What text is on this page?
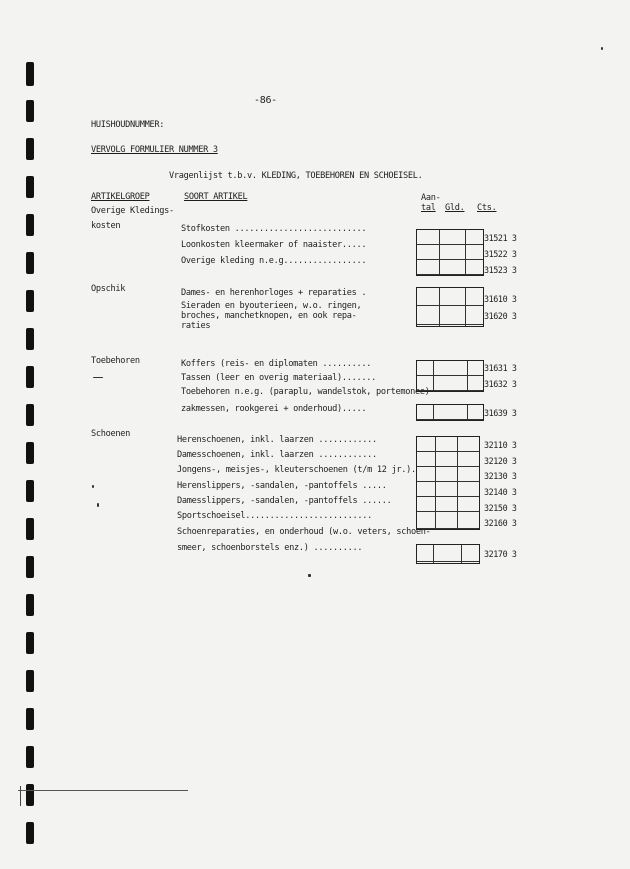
-86-
HUISHOUDNUMMER:
VERVOLG FORMULIER NUMMER 3
Vragenlijst t.b.v. KLEDING, TOEBEHOREN EN SCHOEISEL.
ARTIKELGROEP	SOORT ARTIKEL	Aan-
tal Gld. Cts.
Overige Kledings-
kosten
Opschik
Toebehoren
Schoenen
Stofkosten ...........................
Loonkosten kleermaker of naaister.....
Overige kleding n.e.g.................
Dames- en herenhorloges + reparaties .
Sieraden en byouterieen, w.o. ringen,
broches, manchetknopen, en ook repa-
raties
Koffers (reis- en diplomaten ..........
Tassen (leer en overig materiaal).......
Toebehoren n.e.g. (paraplu, wandelstok, portemonee)
zakmessen, rookgerei + onderhoud).....
Herenschoenen, inkl. laarzen ............
Damesschoenen, inkl. laarzen ............
Jongens-, meisjes-, kleuterschoenen (t/m 12 jr.).
Herenslippers, -sandalen, -pantoffels .....
Damesslippers, -sandalen, -pantoffels ......
Sportschoeisel..........................
Schoenreparaties, en onderhoud (w.o. veters, schoen-
smeer, schoenborstels enz.) ..........
31521 3
31522 3
31523 3
31610 3
31620 3
31631 3
31632 3
31639 3
32110 3
32120 3
32130 3
32140 3
32150 3
32160 3
32170 3
